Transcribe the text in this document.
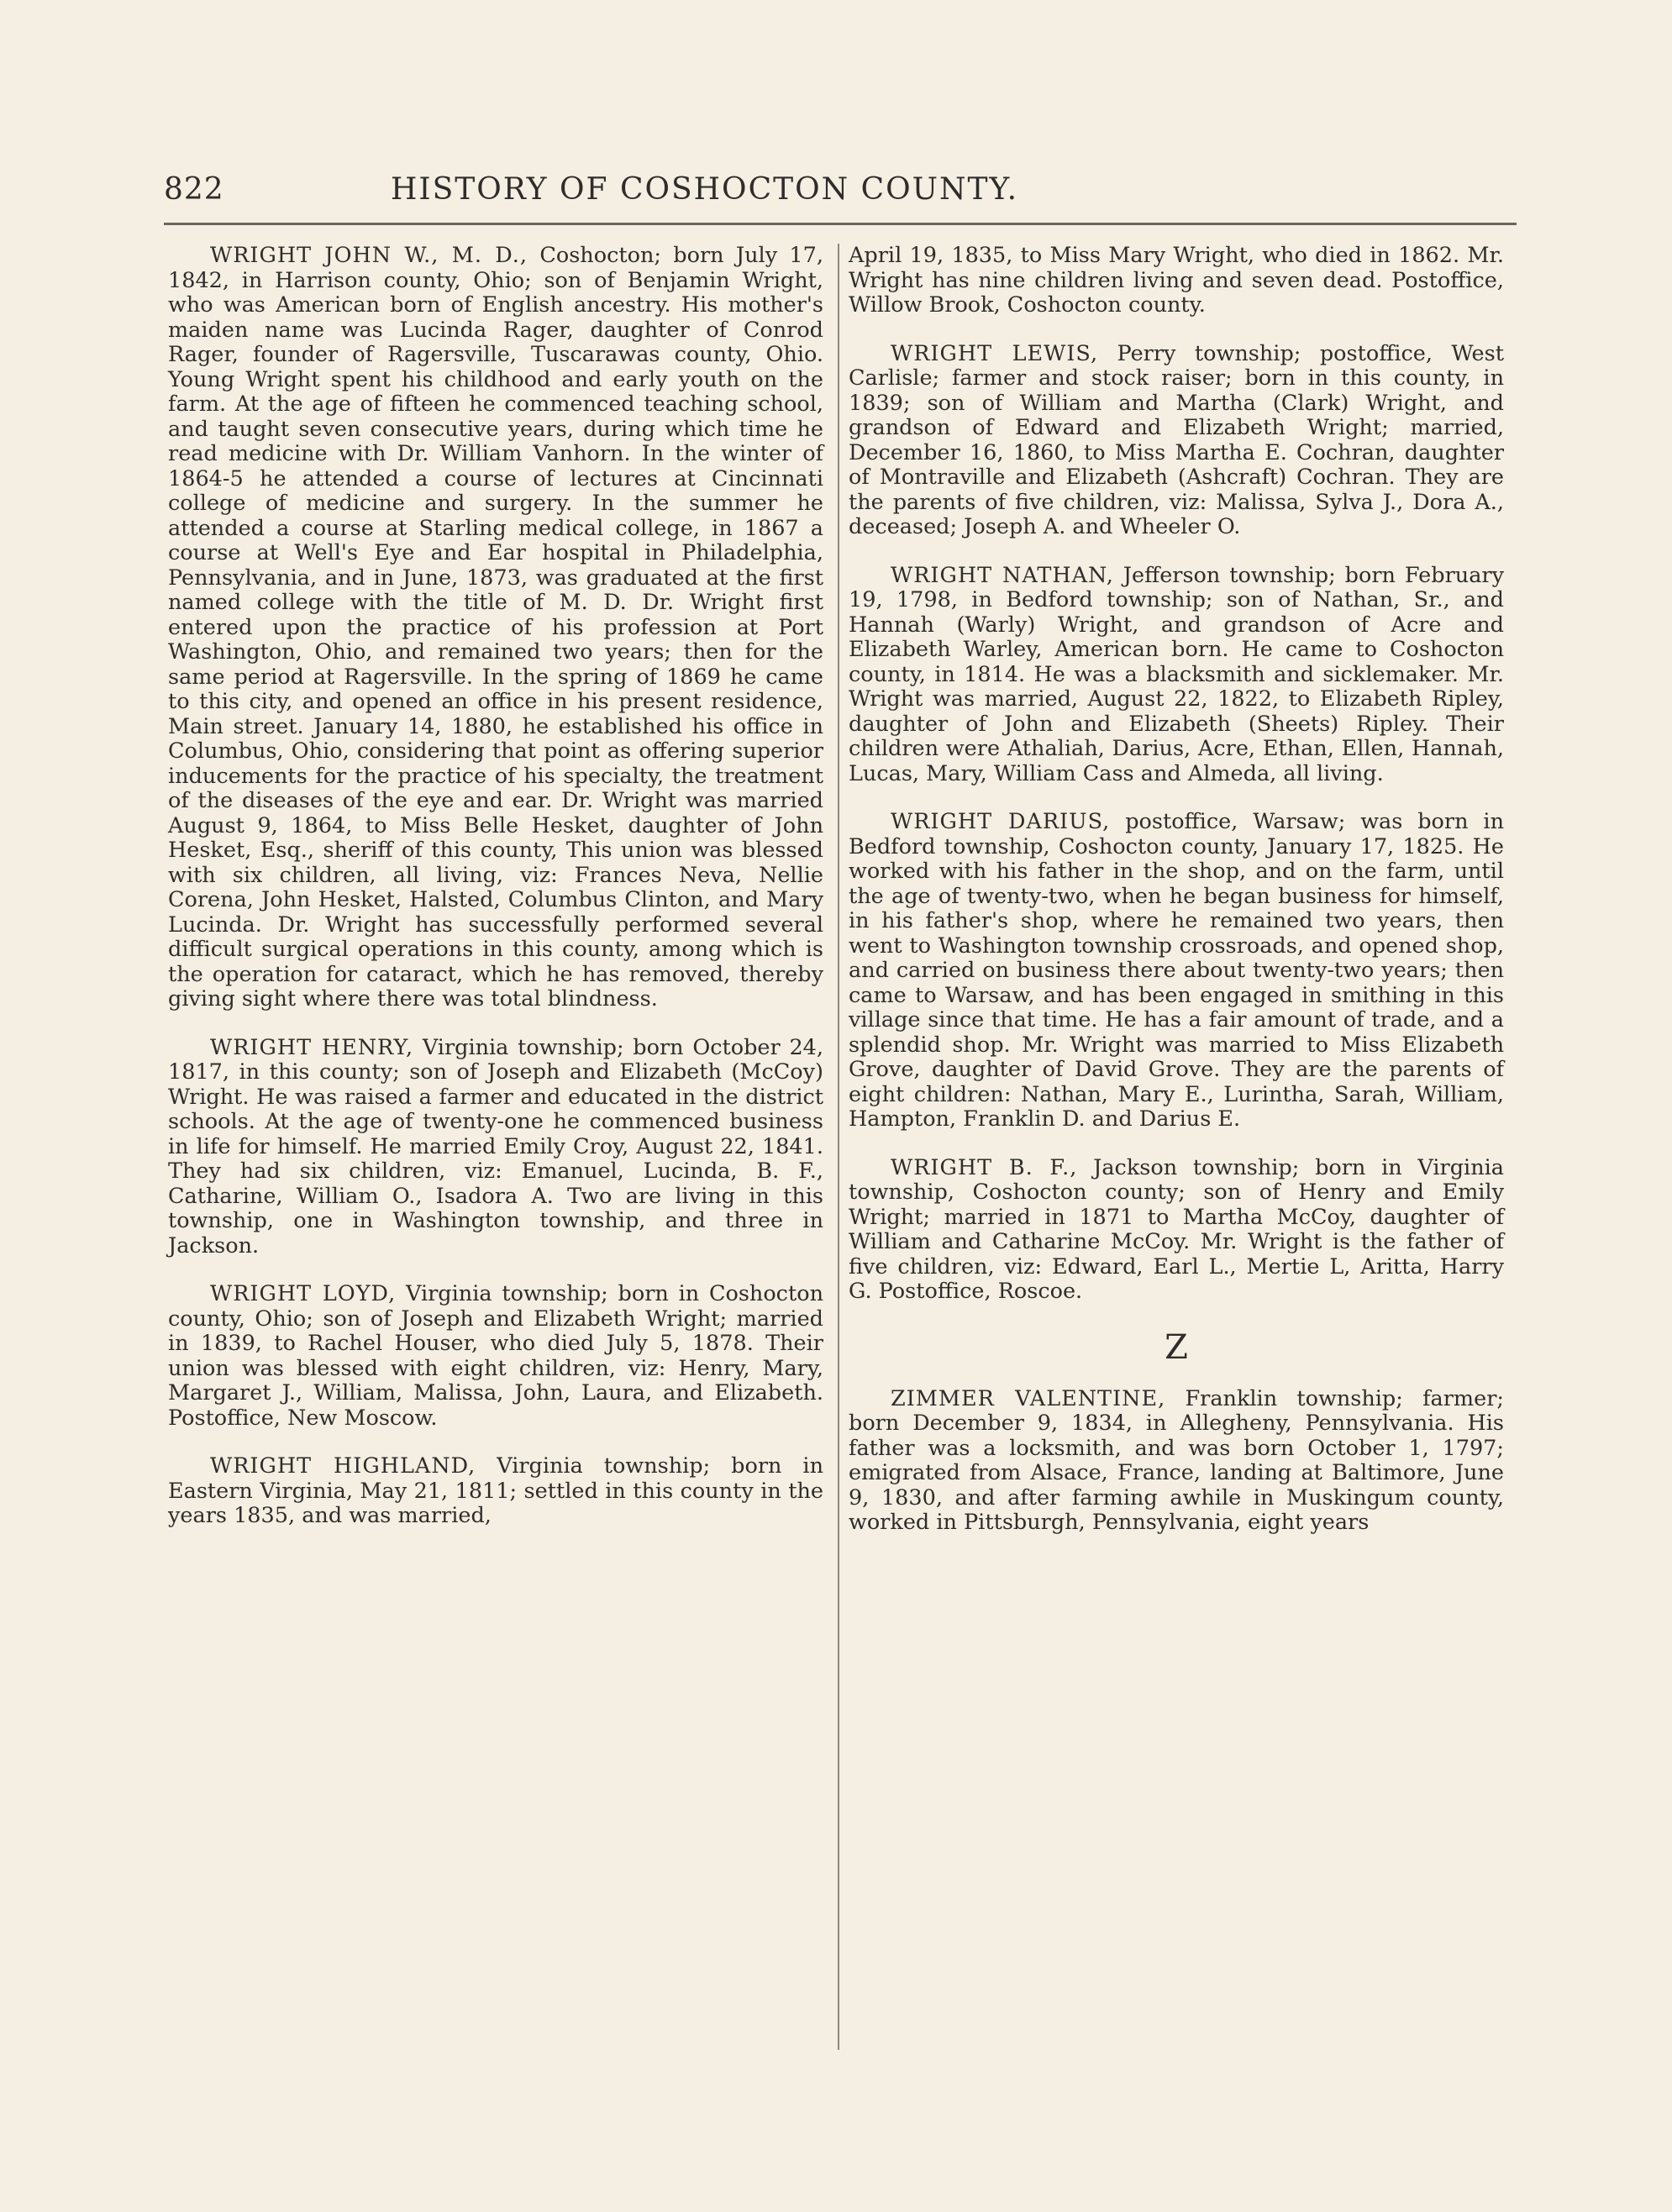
822	HISTORY OF COSHOCTON COUNTY.

WRIGHT JOHN W., M. D., Coshocton; born July 17, 1842, in Harrison county, Ohio; son of Benjamin Wright, who was American born of English ancestry. His mother's maiden name was Lucinda Rager, daughter of Conrod Rager, founder of Ragersville, Tuscarawas county, Ohio. Young Wright spent his childhood and early youth on the farm. At the age of fifteen he commenced teaching school, and taught seven consecutive years, during which time he read medicine with Dr. William Vanhorn. In the winter of 1864-5 he attended a course of lectures at Cincinnati college of medicine and surgery. In the summer he attended a course at Starling medical college, in 1867 a course at Well's Eye and Ear hospital in Philadelphia, Pennsylvania, and in June, 1873, was graduated at the first named college with the title of M. D. Dr. Wright first entered upon the practice of his profession at Port Washington, Ohio, and remained two years; then for the same period at Ragersville. In the spring of 1869 he came to this city, and opened an office in his present residence, Main street. January 14, 1880, he established his office in Columbus, Ohio, considering that point as offering superior inducements for the practice of his specialty, the treatment of the diseases of the eye and ear. Dr. Wright was married August 9, 1864, to Miss Belle Hesket, daughter of John Hesket, Esq., sheriff of this county, This union was blessed with six children, all living, viz: Frances Neva, Nellie Corena, John Hesket, Halsted, Columbus Clinton, and Mary Lucinda. Dr. Wright has successfully performed several difficult surgical operations in this county, among which is the operation for cataract, which he has removed, thereby giving sight where there was total blindness.

WRIGHT HENRY, Virginia township; born October 24, 1817, in this county; son of Joseph and Elizabeth (McCoy) Wright. He was raised a farmer and educated in the district schools. At the age of twenty-one he commenced business in life for himself. He married Emily Croy, August 22, 1841. They had six children, viz: Emanuel, Lucinda, B. F., Catharine, William O., Isadora A. Two are living in this township, one in Washington township, and three in Jackson.

WRIGHT LOYD, Virginia township; born in Coshocton county, Ohio; son of Joseph and Elizabeth Wright; married in 1839, to Rachel Houser, who died July 5, 1878. Their union was blessed with eight children, viz: Henry, Mary, Margaret J., William, Malissa, John, Laura, and Elizabeth. Postoffice, New Moscow.

WRIGHT HIGHLAND, Virginia township; born in Eastern Virginia, May 21, 1811; settled in this county in the years 1835, and was married,

April 19, 1835, to Miss Mary Wright, who died in 1862. Mr. Wright has nine children living and seven dead. Postoffice, Willow Brook, Coshocton county.

WRIGHT LEWIS, Perry township; postoffice, West Carlisle; farmer and stock raiser; born in this county, in 1839; son of William and Martha (Clark) Wright, and grandson of Edward and Elizabeth Wright; married, December 16, 1860, to Miss Martha E. Cochran, daughter of Montraville and Elizabeth (Ashcraft) Cochran. They are the parents of five children, viz: Malissa, Sylva J., Dora A., deceased; Joseph A. and Wheeler O.

WRIGHT NATHAN, Jefferson township; born February 19, 1798, in Bedford township; son of Nathan, Sr., and Hannah (Warly) Wright, and grandson of Acre and Elizabeth Warley, American born. He came to Coshocton county, in 1814. He was a blacksmith and sicklemaker. Mr. Wright was married, August 22, 1822, to Elizabeth Ripley, daughter of John and Elizabeth (Sheets) Ripley. Their children were Athaliah, Darius, Acre, Ethan, Ellen, Hannah, Lucas, Mary, William Cass and Almeda, all living.

WRIGHT DARIUS, postoffice, Warsaw; was born in Bedford township, Coshocton county, January 17, 1825. He worked with his father in the shop, and on the farm, until the age of twenty-two, when he began business for himself, in his father's shop, where he remained two years, then went to Washington township crossroads, and opened shop, and carried on business there about twenty-two years; then came to Warsaw, and has been engaged in smithing in this village since that time. He has a fair amount of trade, and a splendid shop. Mr. Wright was married to Miss Elizabeth Grove, daughter of David Grove. They are the parents of eight children: Nathan, Mary E., Lurintha, Sarah, William, Hampton, Franklin D. and Darius E.

WRIGHT B. F., Jackson township; born in Virginia township, Coshocton county; son of Henry and Emily Wright; married in 1871 to Martha McCoy, daughter of William and Catharine McCoy. Mr. Wright is the father of five children, viz: Edward, Earl L., Mertie L, Aritta, Harry G. Postoffice, Roscoe.

Z

ZIMMER VALENTINE, Franklin township; farmer; born December 9, 1834, in Allegheny, Pennsylvania. His father was a locksmith, and was born October 1, 1797; emigrated from Alsace, France, landing at Baltimore, June 9, 1830, and after farming awhile in Muskingum county, worked in Pittsburgh, Pennsylvania, eight years
